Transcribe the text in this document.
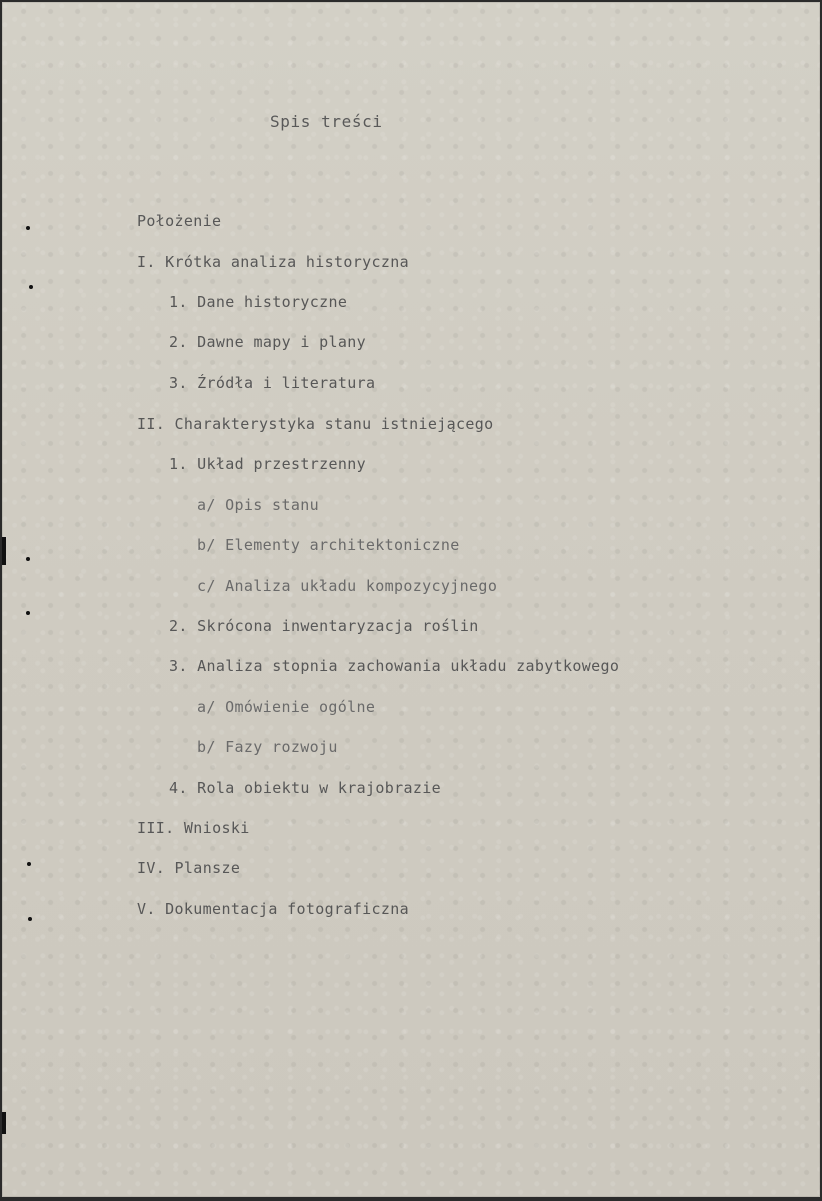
Spis treści
Położenie
I. Krótka analiza historyczna
1. Dane historyczne
2. Dawne mapy i plany
3. Źródła i literatura
II. Charakterystyka stanu istniejącego
1. Układ przestrzenny
a/ Opis stanu
b/ Elementy architektoniczne
c/ Analiza układu kompozycyjnego
2. Skrócona inwentaryzacja roślin
3. Analiza stopnia zachowania układu zabytkowego
a/ Omówienie ogólne
b/ Fazy rozwoju
4. Rola obiektu w krajobrazie
III. Wnioski
IV. Plansze
V. Dokumentacja fotograficzna
